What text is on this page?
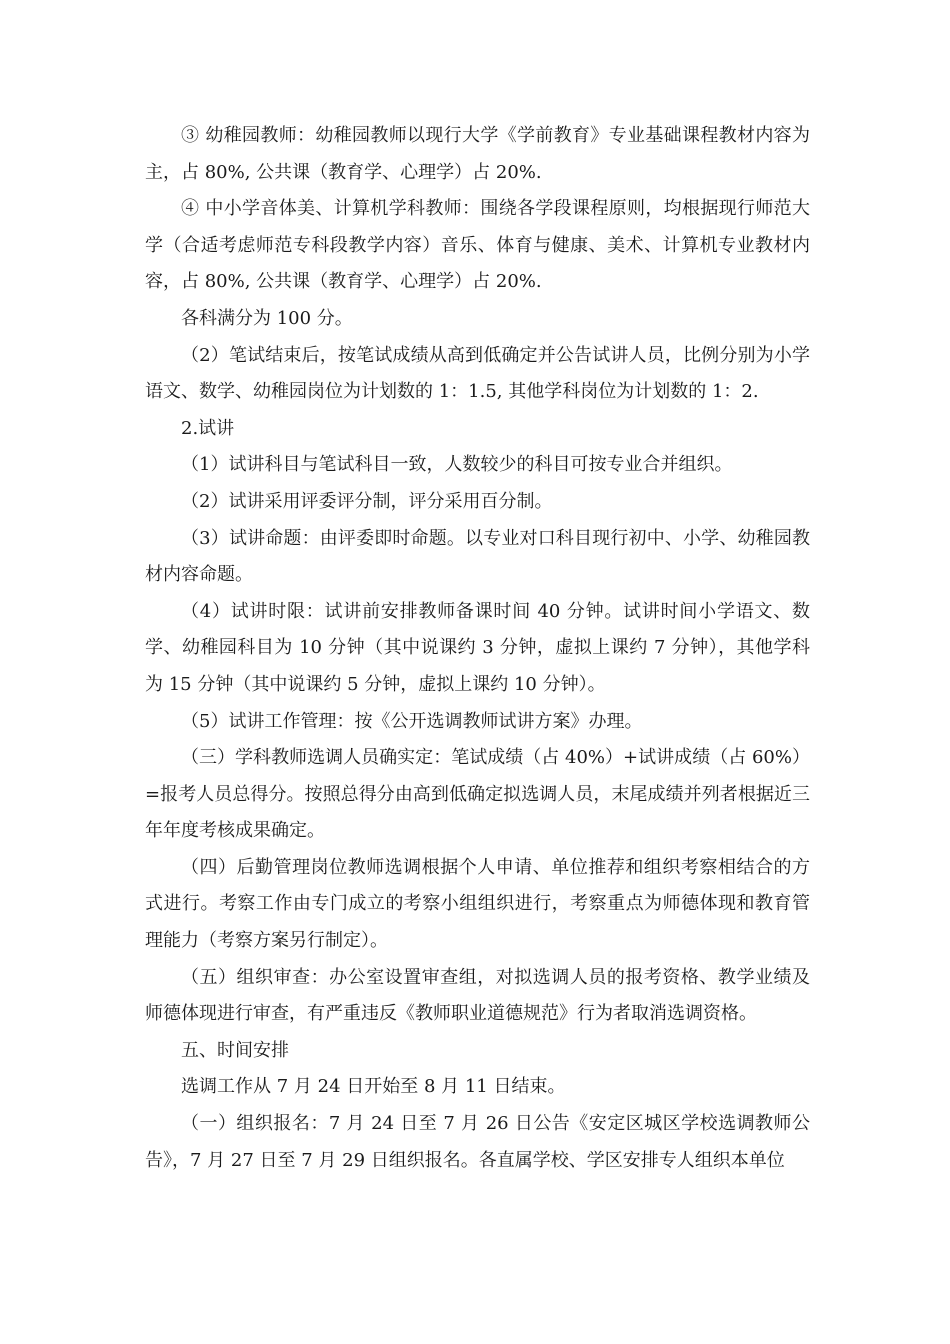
③ 幼稚园教师：幼稚园教师以现行大学《学前教育》专业基础课程教材内容为主，占 80%, 公共课（教育学、心理学）占 20%.

④ 中小学音体美、计算机学科教师：围绕各学段课程原则，均根据现行师范大学（合适考虑师范专科段教学内容）音乐、体育与健康、美术、计算机专业教材内容，占 80%, 公共课（教育学、心理学）占 20%.

各科满分为 100 分。

（2）笔试结束后，按笔试成绩从高到低确定并公告试讲人员，比例分别为小学语文、数学、幼稚园岗位为计划数的 1：1.5, 其他学科岗位为计划数的 1：2.

2.试讲

（1）试讲科目与笔试科目一致，人数较少的科目可按专业合并组织。

（2）试讲采用评委评分制，评分采用百分制。

（3）试讲命题：由评委即时命题。以专业对口科目现行初中、小学、幼稚园教材内容命题。

（4）试讲时限：试讲前安排教师备课时间 40 分钟。试讲时间小学语文、数学、幼稚园科目为 10 分钟（其中说课约 3 分钟，虚拟上课约 7 分钟），其他学科为 15 分钟（其中说课约 5 分钟，虚拟上课约 10 分钟）。

（5）试讲工作管理：按《公开选调教师试讲方案》办理。

（三）学科教师选调人员确实定：笔试成绩（占 40%）+试讲成绩（占 60%）=报考人员总得分。按照总得分由高到低确定拟选调人员，末尾成绩并列者根据近三年年度考核成果确定。

（四）后勤管理岗位教师选调根据个人申请、单位推荐和组织考察相结合的方式进行。考察工作由专门成立的考察小组组织进行，考察重点为师德体现和教育管理能力（考察方案另行制定）。

（五）组织审查：办公室设置审查组，对拟选调人员的报考资格、教学业绩及师德体现进行审查，有严重违反《教师职业道德规范》行为者取消选调资格。

五、时间安排

选调工作从 7 月 24 日开始至 8 月 11 日结束。

（一）组织报名：7 月 24 日至 7 月 26 日公告《安定区城区学校选调教师公告》，7 月 27 日至 7 月 29 日组织报名。各直属学校、学区安排专人组织本单位
